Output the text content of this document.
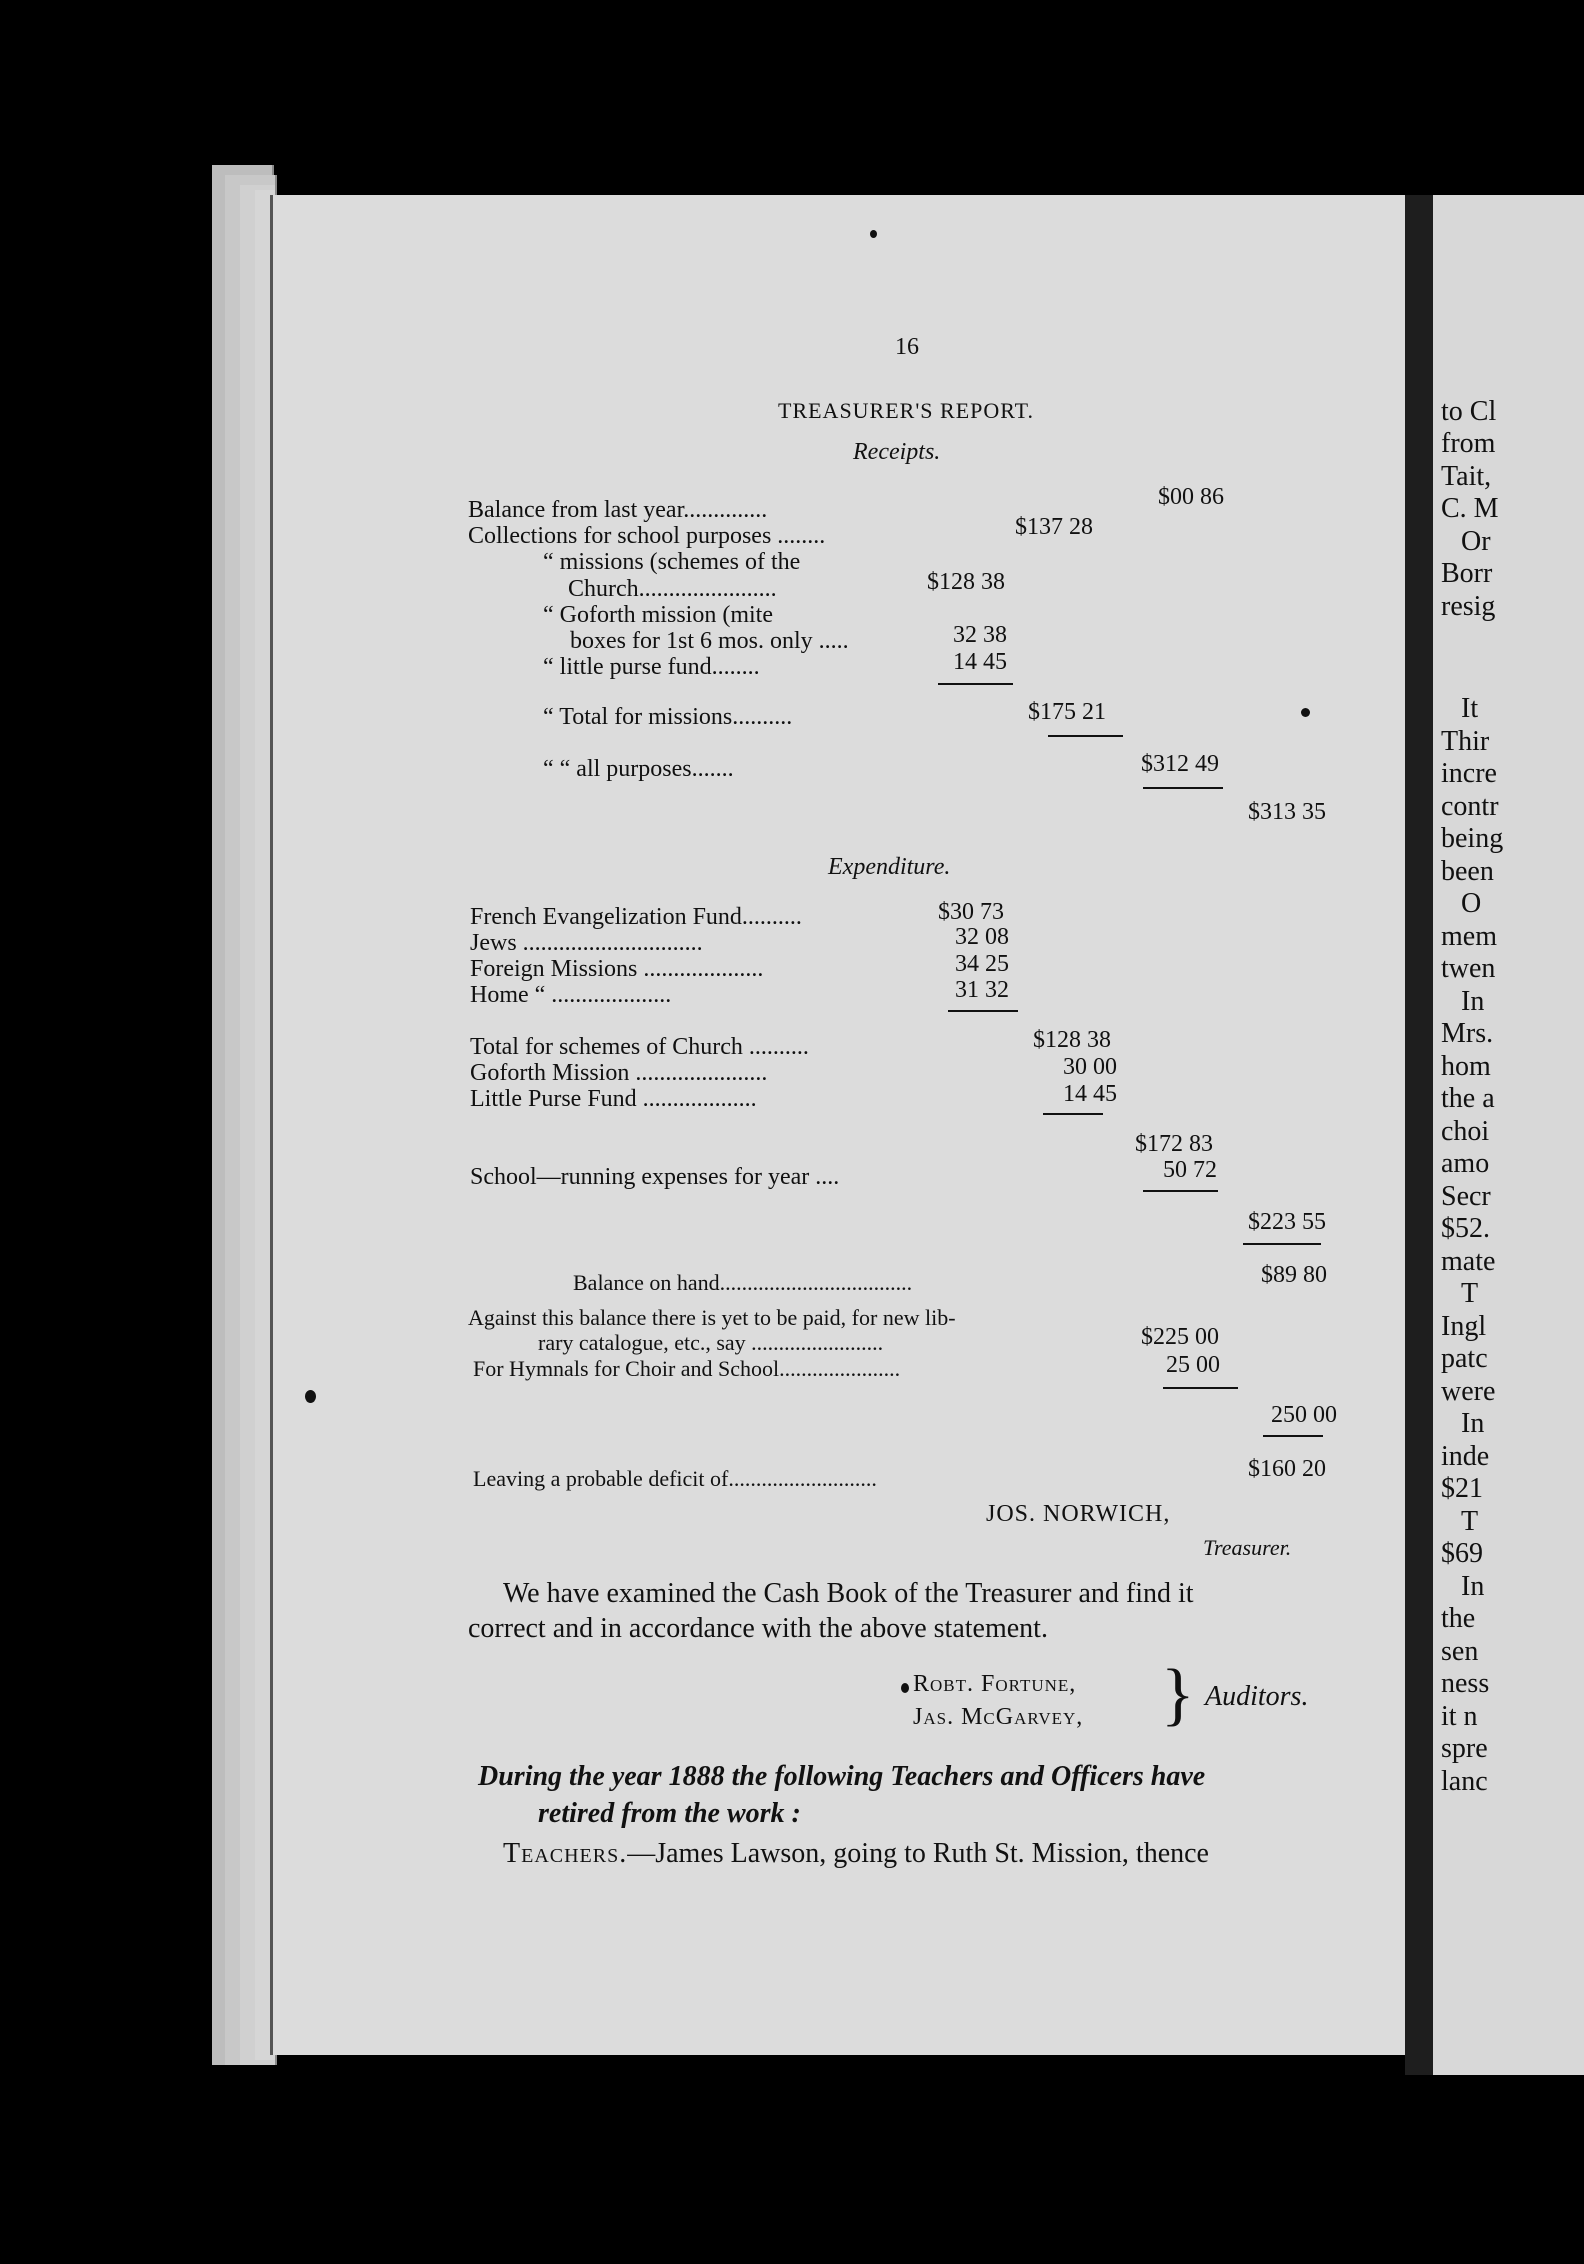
16
TREASURER'S REPORT.
Receipts.
Balance from last year..............	$00 86
Collections for school purposes ........	$137 28
“ missions (schemes of the
Church.......................	$128 38
“ Goforth mission (mite
boxes for 1st 6 mos. only .....	32 38
“ little purse fund........	14 45
“ Total for missions..........	$175 21
“ “ all purposes.......	$312 49
$313 35
Expenditure.
French Evangelization Fund..........	$30 73
Jews ..............................	32 08
Foreign Missions ....................	34 25
Home “ ....................	31 32
Total for schemes of Church ..........	$128 38
Goforth Mission ......................	30 00
Little Purse Fund ...................	14 45
$172 83
School—running expenses for year ....	50 72
$223 55
Balance on hand...................................	$89 80
Against this balance there is yet to be paid, for new lib-
rary catalogue, etc., say ........................	$225 00
For Hymnals for Choir and School......................	25 00
250 00
Leaving a probable deficit of...........................	$160 20
JOS. NORWICH,
Treasurer.
We have examined the Cash Book of the Treasurer and find it
correct and in accordance with the above statement.
Robt. Fortune,
Jas. McGarvey, } Auditors.
During the year 1888 the following Teachers and Officers have
retired from the work :
Teachers.—James Lawson, going to Ruth St. Mission, thence
to Cl
from
Tait,
C. M
Or
Borr
resig
It
Thir
incre
contr
being
been
O
mem
twen
In
Mrs.
hom
the a
choi
amo
Secr
$52.
mate
T
Ingl
patc
were
In
inde
$21
T
$69
In
the
sen
ness
it n
spre
lanc
